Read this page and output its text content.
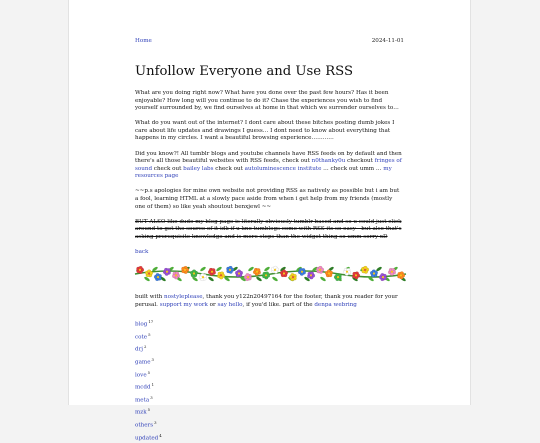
Home	2024-11-01
Unfollow Everyone and Use RSS

What are you doing right now? What have you done over the past few hours? Has it been enjoyable? How long will you continue to do it? Chase the experiences you wish to find yourself surrounded by, we find ourselves at home in that which we surrender ourselves to…

What do you want out of the internet? I dont care about these bitches posting dumb jokes I care about life updates and drawings I guess… I dont need to know about everything that happens in my circles. I want a beautiful browsing experience…………

Did you know?! All tumblr blogs and youtube channels have RSS feeds on by default and then there's all those beautiful websites with RSS feeds, check out n0thanky0u checkout fringes of sound check out bailey labs check out autoluminescence institute … check out umm … my resources page

~~p.s apologies for mine own website not providing RSS as natively as possible but i am but a fool, learning HTML at a slowly pace aside from when i get help from my friends (mostly one of them) so like yeah shoutout benxjewl ~~

BUT ALSO like dude my blog page is literally obviously tumblr based and so u could just click around to get the source of it idk if u kno tumblogs come with RSS its so easy - but also that's asking prerequisite knowledge and is more steps than the widget thing so umm sorry xD

back
built with nostyleplease, thank you y122n20497164 for the footer, thank you reader for your perusal. support my work or say hello, if you'd like. part of the denpa webring
blog$^{17}$
cote$^5$
drj$^2$
game$^3$
love$^5$
mcdd$^1$
meta$^3$
mzk$^5$
others$^3$
updated$^4$
